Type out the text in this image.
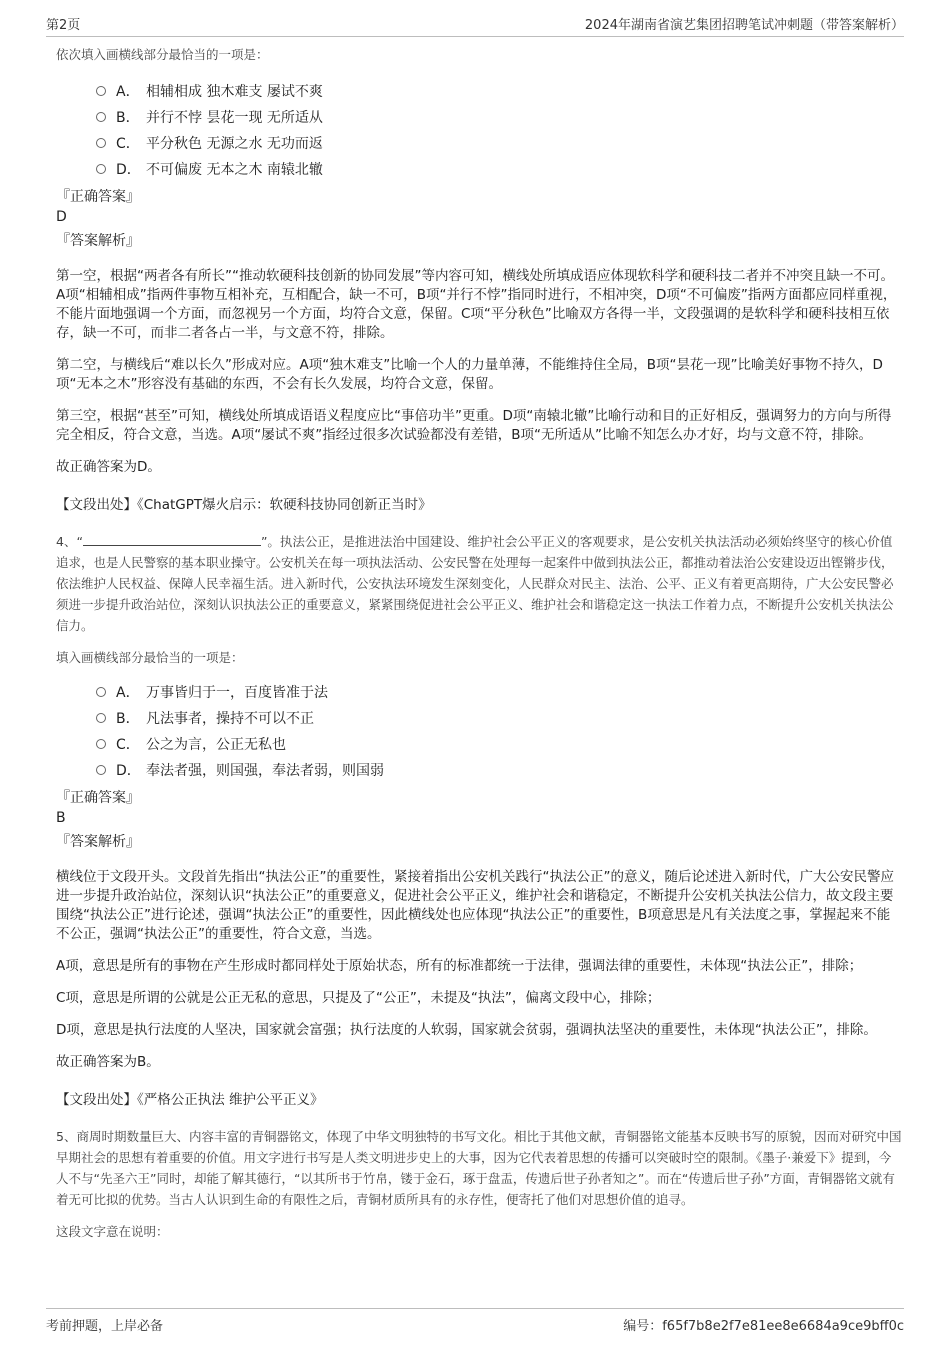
第2页	2024年湖南省演艺集团招聘笔试冲刺题（带答案解析）

依次填入画横线部分最恰当的一项是：

A． 相辅相成 独木难支 屡试不爽
B． 并行不悖 昙花一现 无所适从
C． 平分秋色 无源之水 无功而返
D． 不可偏废 无本之木 南辕北辙

『正确答案』

D

『答案解析』

第一空，根据“两者各有所长”“推动软硬科技创新的协同发展”等内容可知，横线处所填成语应体现软科学和硬科技二者并不冲突且缺一不可。A项“相辅相成”指两件事物互相补充，互相配合，缺一不可，B项“并行不悖”指同时进行，不相冲突，D项“不可偏废”指两方面都应同样重视，不能片面地强调一个方面，而忽视另一个方面，均符合文意，保留。C项“平分秋色”比喻双方各得一半，文段强调的是软科学和硬科技相互依存，缺一不可，而非二者各占一半，与文意不符，排除。

第二空，与横线后“难以长久”形成对应。A项“独木难支”比喻一个人的力量单薄，不能维持住全局，B项“昙花一现”比喻美好事物不持久，D项“无本之木”形容没有基础的东西，不会有长久发展，均符合文意，保留。

第三空，根据“甚至”可知，横线处所填成语语义程度应比“事倍功半”更重。D项“南辕北辙”比喻行动和目的正好相反，强调努力的方向与所得完全相反，符合文意，当选。A项“屡试不爽”指经过很多次试验都没有差错，B项“无所适从”比喻不知怎么办才好，均与文意不符，排除。

故正确答案为D。

【文段出处】《ChatGPT爆火启示：软硬科技协同创新正当时》

4、“	”。执法公正，是推进法治中国建设、维护社会公平正义的客观要求，是公安机关执法活动必须始终坚守的核心价值追求，也是人民警察的基本职业操守。公安机关在每一项执法活动、公安民警在处理每一起案件中做到执法公正，都推动着法治公安建设迈出铿锵步伐，依法维护人民权益、保障人民幸福生活。进入新时代，公安执法环境发生深刻变化，人民群众对民主、法治、公平、正义有着更高期待，广大公安民警必须进一步提升政治站位，深刻认识执法公正的重要意义，紧紧围绕促进社会公平正义、维护社会和谐稳定这一执法工作着力点，不断提升公安机关执法公信力。

填入画横线部分最恰当的一项是：

A． 万事皆归于一，百度皆准于法
B． 凡法事者，操持不可以不正
C． 公之为言，公正无私也
D． 奉法者强，则国强，奉法者弱，则国弱

『正确答案』

B

『答案解析』

横线位于文段开头。文段首先指出“执法公正”的重要性，紧接着指出公安机关践行“执法公正”的意义，随后论述进入新时代，广大公安民警应进一步提升政治站位，深刻认识“执法公正”的重要意义，促进社会公平正义，维护社会和谐稳定，不断提升公安机关执法公信力，故文段主要围绕“执法公正”进行论述，强调“执法公正”的重要性，因此横线处也应体现“执法公正”的重要性，B项意思是凡有关法度之事，掌握起来不能不公正，强调“执法公正”的重要性，符合文意，当选。

A项，意思是所有的事物在产生形成时都同样处于原始状态，所有的标准都统一于法律，强调法律的重要性，未体现“执法公正”，排除；

C项，意思是所谓的公就是公正无私的意思，只提及了“公正”，未提及“执法”，偏离文段中心，排除；

D项，意思是执行法度的人坚决，国家就会富强；执行法度的人软弱，国家就会贫弱，强调执法坚决的重要性，未体现“执法公正”，排除。

故正确答案为B。

【文段出处】《严格公正执法 维护公平正义》

5、商周时期数量巨大、内容丰富的青铜器铭文，体现了中华文明独特的书写文化。相比于其他文献，青铜器铭文能基本反映书写的原貌，因而对研究中国早期社会的思想有着重要的价值。用文字进行书写是人类文明进步史上的大事，因为它代表着思想的传播可以突破时空的限制。《墨子·兼爱下》提到，今人不与“先圣六王”同时，却能了解其德行，“以其所书于竹帛，镂于金石，琢于盘盂，传遗后世子孙者知之”。而在“传遗后世子孙”方面，青铜器铭文就有着无可比拟的优势。当古人认识到生命的有限性之后，青铜材质所具有的永存性，便寄托了他们对思想价值的追寻。

这段文字意在说明：

考前押题，上岸必备	编号：f65f7b8e2f7e81ee8e6684a9ce9bff0c
